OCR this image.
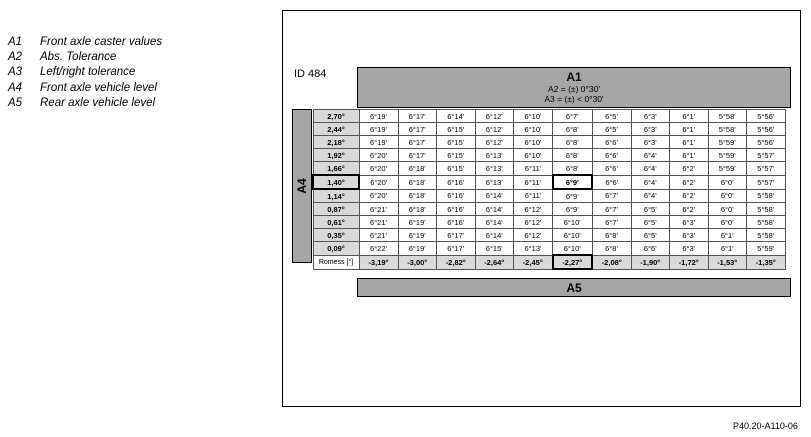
A1 Front axle caster values
A2 Abs. Tolerance
A3 Left/right tolerance
A4 Front axle vehicle level
A5 Rear axle vehicle level
ID 484	A1
A2 = (±) 0°30'
A3 = (±) < 0°30'
A4
2,70°	6°19'	6°17'	6°14'	6°12'	6°10'	6°7'	6°5'	6°3'	6°1'	5°58'	5°56'
2,44°	6°19'	6°17'	6°15'	6°12'	6°10'	6°8'	6°5'	6°3'	6°1'	5°58'	5°56'
2,18°	6°19'	6°17'	6°15'	6°12'	6°10'	6°8'	6°6'	6°3'	6°1'	5°59'	5°56'
1,92°	6°20'	6°17'	6°15'	6°13'	6°10'	6°8'	6°6'	6°4'	6°1'	5°59'	5°57'
1,66°	6°20'	6°18'	6°15'	6°13'	6°11'	6°8'	6°6'	6°4'	6°2'	5°59'	5°57'
1,40°	6°20'	6°18'	6°16'	6°13'	6°11'	6°9'	6°6'	6°4'	6°2'	6°0'	5°57'
1,14°	6°20'	6°18'	6°16'	6°14'	6°11'	6°9'	6°7'	6°4'	6°2'	6°0'	5°58'
0,87°	6°21'	6°18'	6°16'	6°14'	6°12'	6°9'	6°7'	6°5'	6°2'	6°0'	5°58'
0,61°	6°21'	6°19'	6°16'	6°14'	6°12'	6°10'	6°7'	6°5'	6°3'	6°0'	5°58'
0,35°	6°21'	6°19'	6°17'	6°14'	6°12'	6°10'	6°8'	6°5'	6°3'	6°1'	5°58'
0,09°	6°22'	6°19'	6°17'	6°15'	6°13'	6°10'	6°8'	6°6'	6°3'	6°1'	5°59'
Romess [°]	-3,19°	-3,00°	-2,82°	-2,64°	-2,45°	-2,27°	-2,08°	-1,90°	-1,72°	-1,53°	-1,35°
A5
P40.20-A110-06
